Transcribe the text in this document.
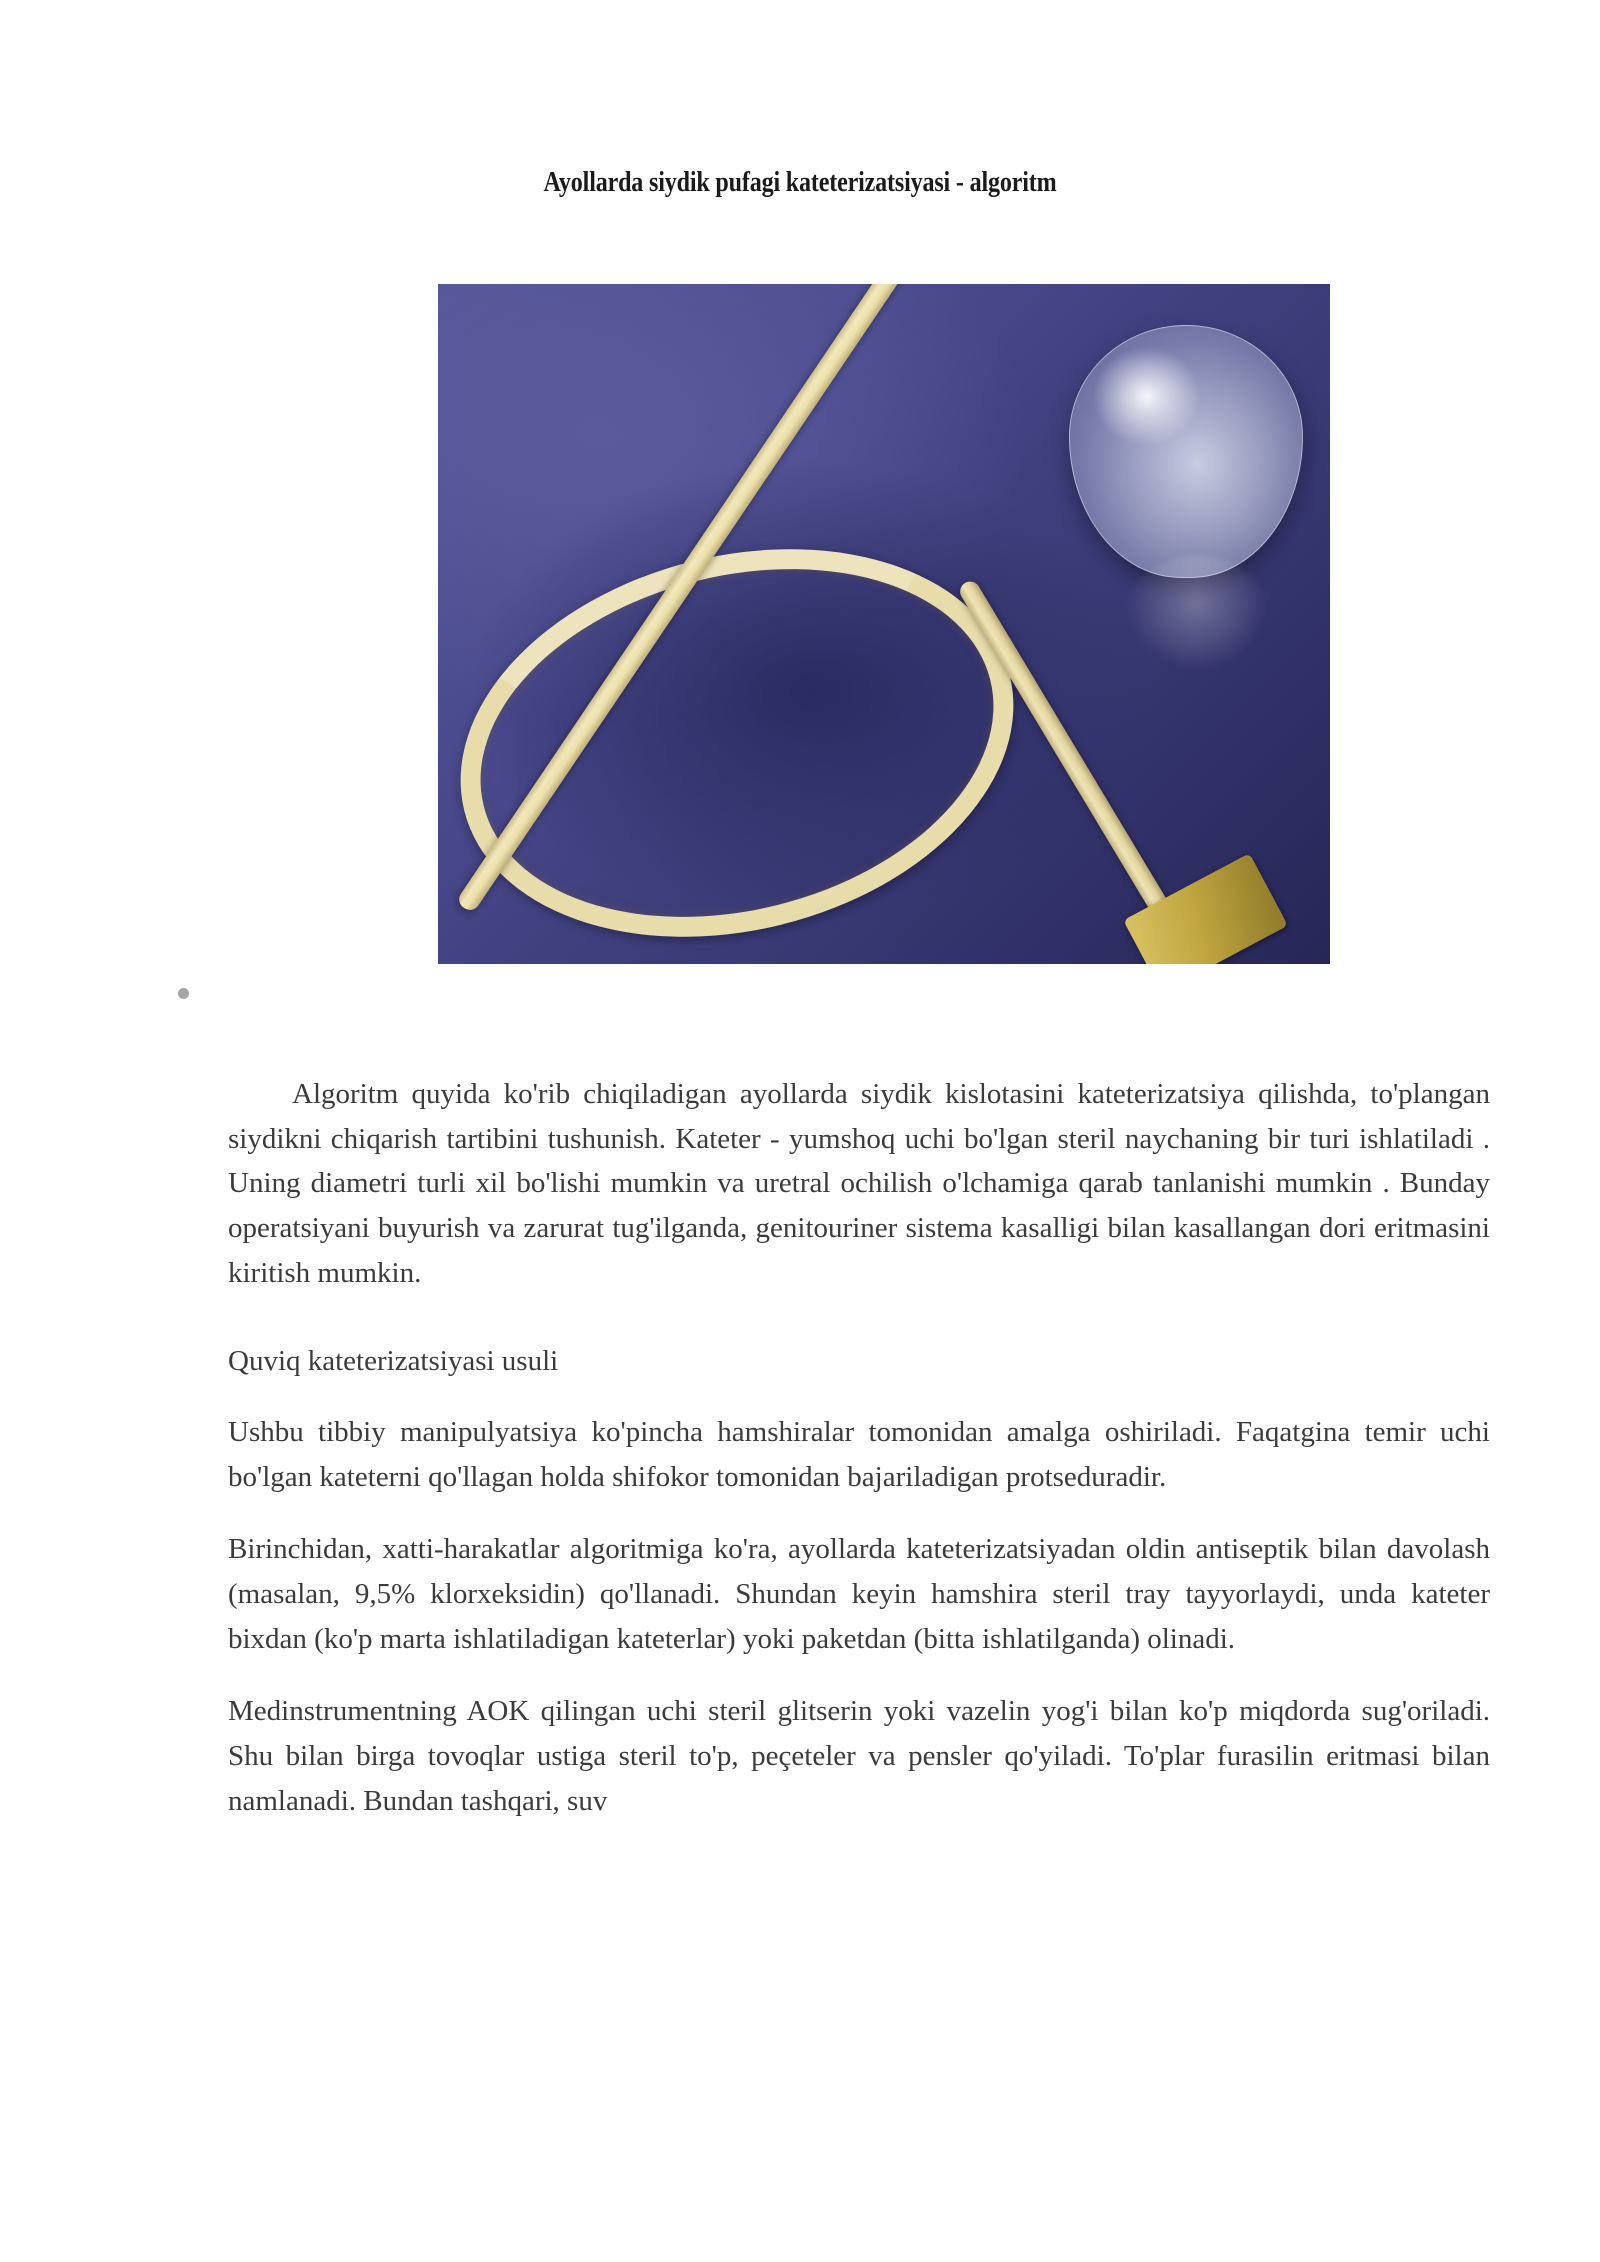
Ayollarda siydik pufagi kateterizatsiyasi - algoritm

Algoritm quyida ko'rib chiqiladigan ayollarda siydik kislotasini kateterizatsiya qilishda, to'plangan siydikni chiqarish tartibini tushunish. Kateter - yumshoq uchi bo'lgan steril naychaning bir turi ishlatiladi . Uning diametri turli xil bo'lishi mumkin va uretral ochilish o'lchamiga qarab tanlanishi mumkin . Bunday operatsiyani buyurish va zarurat tug'ilganda, genitouriner sistema kasalligi bilan kasallangan dori eritmasini kiritish mumkin.

Quviq kateterizatsiyasi usuli

Ushbu tibbiy manipulyatsiya ko'pincha hamshiralar tomonidan amalga oshiriladi. Faqatgina temir uchi bo'lgan kateterni qo'llagan holda shifokor tomonidan bajariladigan protseduradir.

Birinchidan, xatti-harakatlar algoritmiga ko'ra, ayollarda kateterizatsiyadan oldin antiseptik bilan davolash (masalan, 9,5% klorxeksidin) qo'llanadi. Shundan keyin hamshira steril tray tayyorlaydi, unda kateter bixdan (ko'p marta ishlatiladigan kateterlar) yoki paketdan (bitta ishlatilganda) olinadi.

Medinstrumentning AOK qilingan uchi steril glitserin yoki vazelin yog'i bilan ko'p miqdorda sug'oriladi. Shu bilan birga tovoqlar ustiga steril to'p, peçeteler va pensler qo'yiladi. To'plar furasilin eritmasi bilan namlanadi. Bundan tashqari, suv
